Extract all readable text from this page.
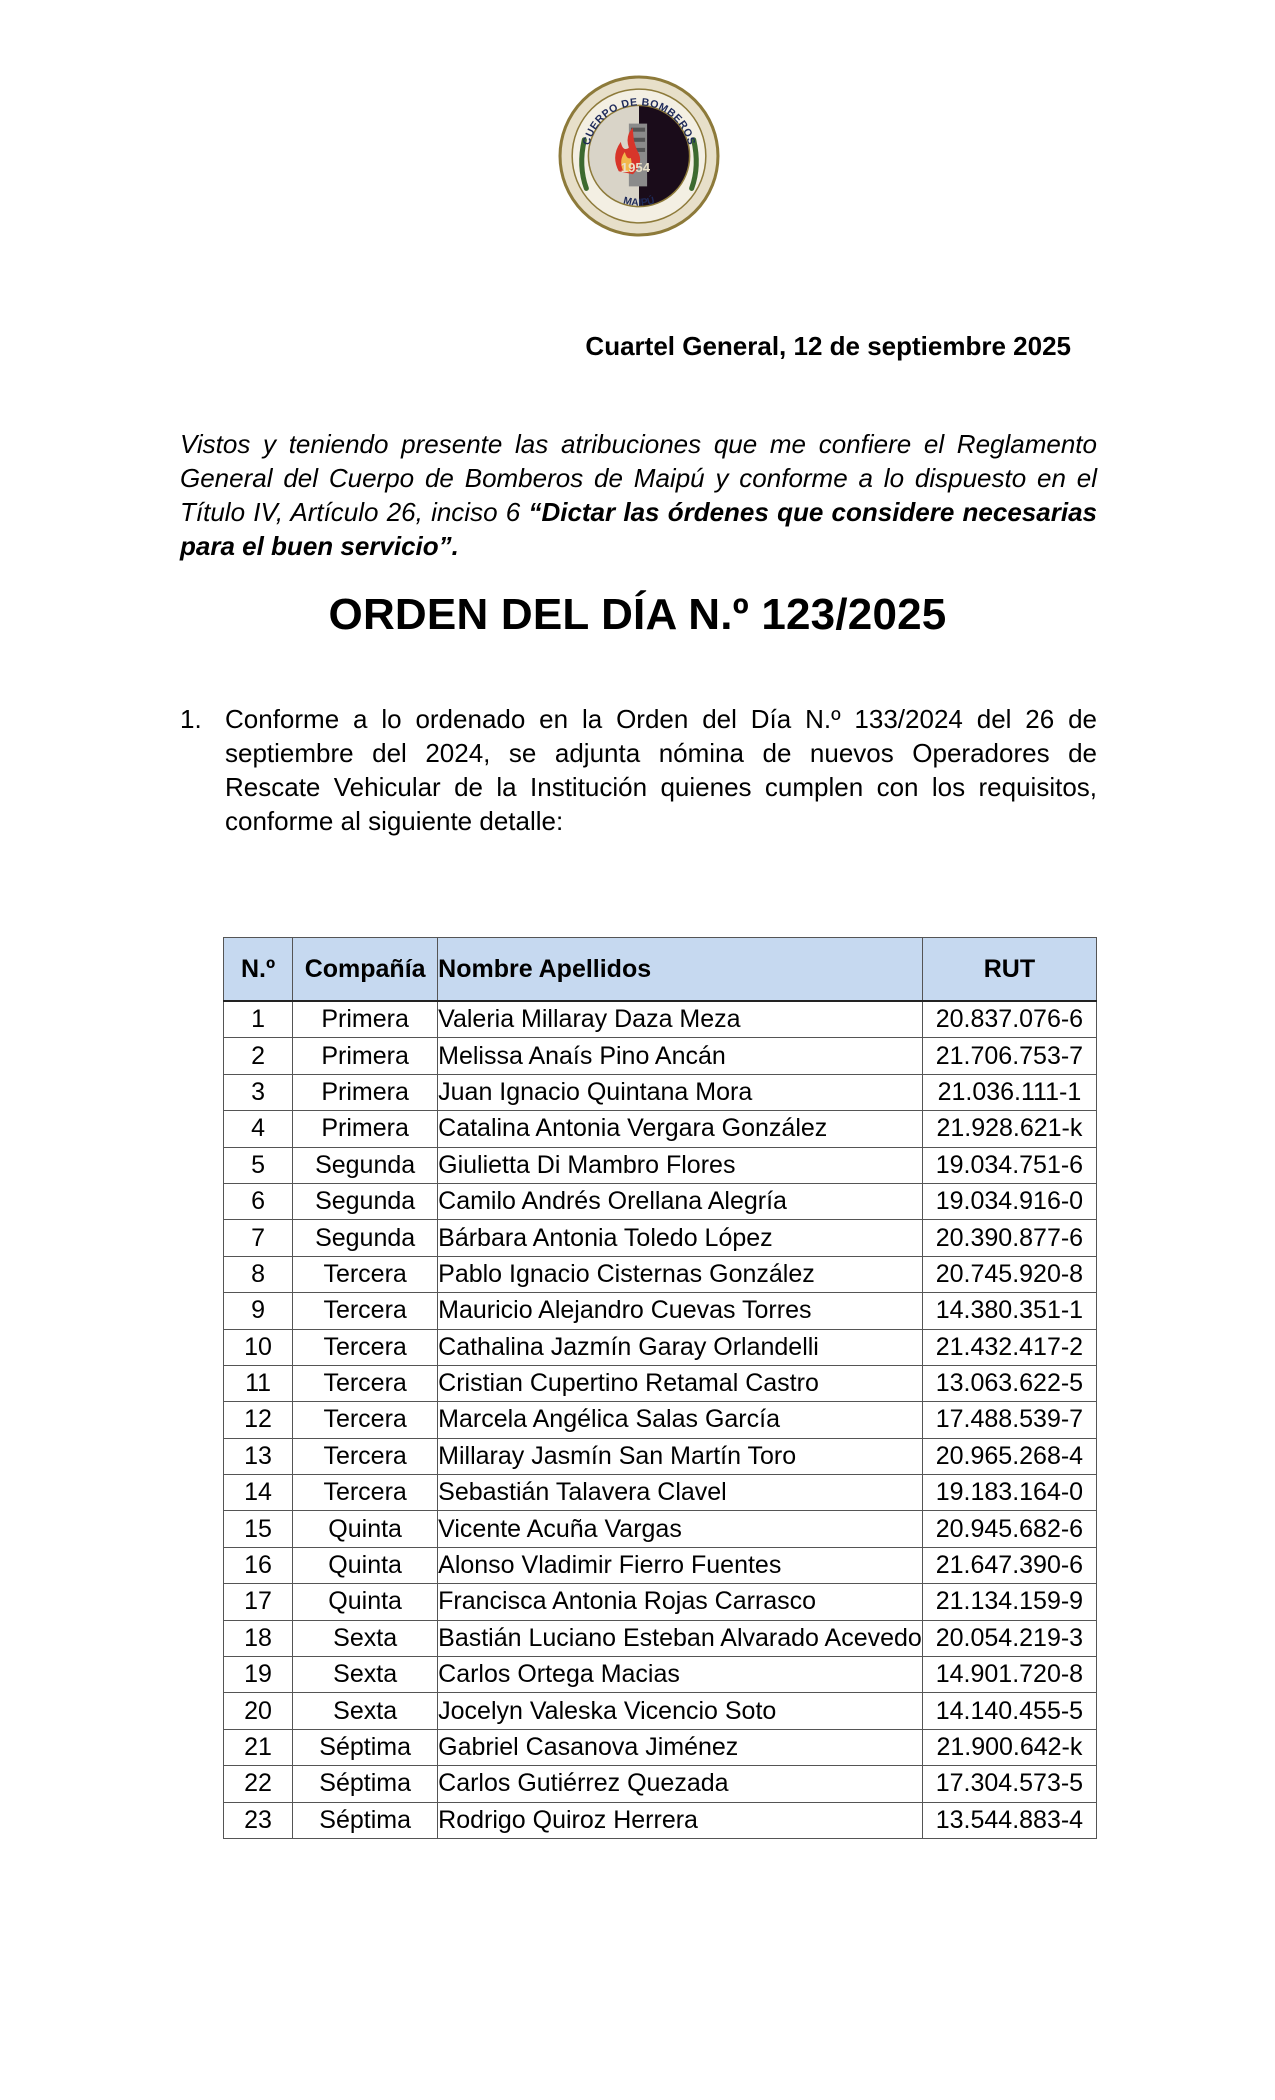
CUERPO DE BOMBEROS
MAIPÚ
1954
Cuartel General, 12 de septiembre 2025

Vistos y teniendo presente las atribuciones que me confiere el Reglamento General del Cuerpo de Bomberos de Maipú y conforme a lo dispuesto en el Título IV, Artículo 26, inciso 6 “Dictar las órdenes que considere necesarias para el buen servicio”.

ORDEN DEL DÍA N.º 123/2025
1. Conforme a lo ordenado en la Orden del Día N.º 133/2024 del 26 de septiembre del 2024, se adjunta nómina de nuevos Operadores de Rescate Vehicular de la Institución quienes cumplen con los requisitos, conforme al siguiente detalle:
N.º	Compañía	Nombre Apellidos	RUT
1	Primera	Valeria Millaray Daza Meza	20.837.076-6
2	Primera	Melissa Anaís Pino Ancán	21.706.753-7
3	Primera	Juan Ignacio Quintana Mora	21.036.111-1
4	Primera	Catalina Antonia Vergara González	21.928.621-k
5	Segunda	Giulietta Di Mambro Flores	19.034.751-6
6	Segunda	Camilo Andrés Orellana Alegría	19.034.916-0
7	Segunda	Bárbara Antonia Toledo López	20.390.877-6
8	Tercera	Pablo Ignacio Cisternas González	20.745.920-8
9	Tercera	Mauricio Alejandro Cuevas Torres	14.380.351-1
10	Tercera	Cathalina Jazmín Garay Orlandelli	21.432.417-2
11	Tercera	Cristian Cupertino Retamal Castro	13.063.622-5
12	Tercera	Marcela Angélica Salas García	17.488.539-7
13	Tercera	Millaray Jasmín San Martín Toro	20.965.268-4
14	Tercera	Sebastián Talavera Clavel	19.183.164-0
15	Quinta	Vicente Acuña Vargas	20.945.682-6
16	Quinta	Alonso Vladimir Fierro Fuentes	21.647.390-6
17	Quinta	Francisca Antonia Rojas Carrasco	21.134.159-9
18	Sexta	Bastián Luciano Esteban Alvarado Acevedo	20.054.219-3
19	Sexta	Carlos Ortega Macias	14.901.720-8
20	Sexta	Jocelyn Valeska Vicencio Soto	14.140.455-5
21	Séptima	Gabriel Casanova Jiménez	21.900.642-k
22	Séptima	Carlos Gutiérrez Quezada	17.304.573-5
23	Séptima	Rodrigo Quiroz Herrera	13.544.883-4
